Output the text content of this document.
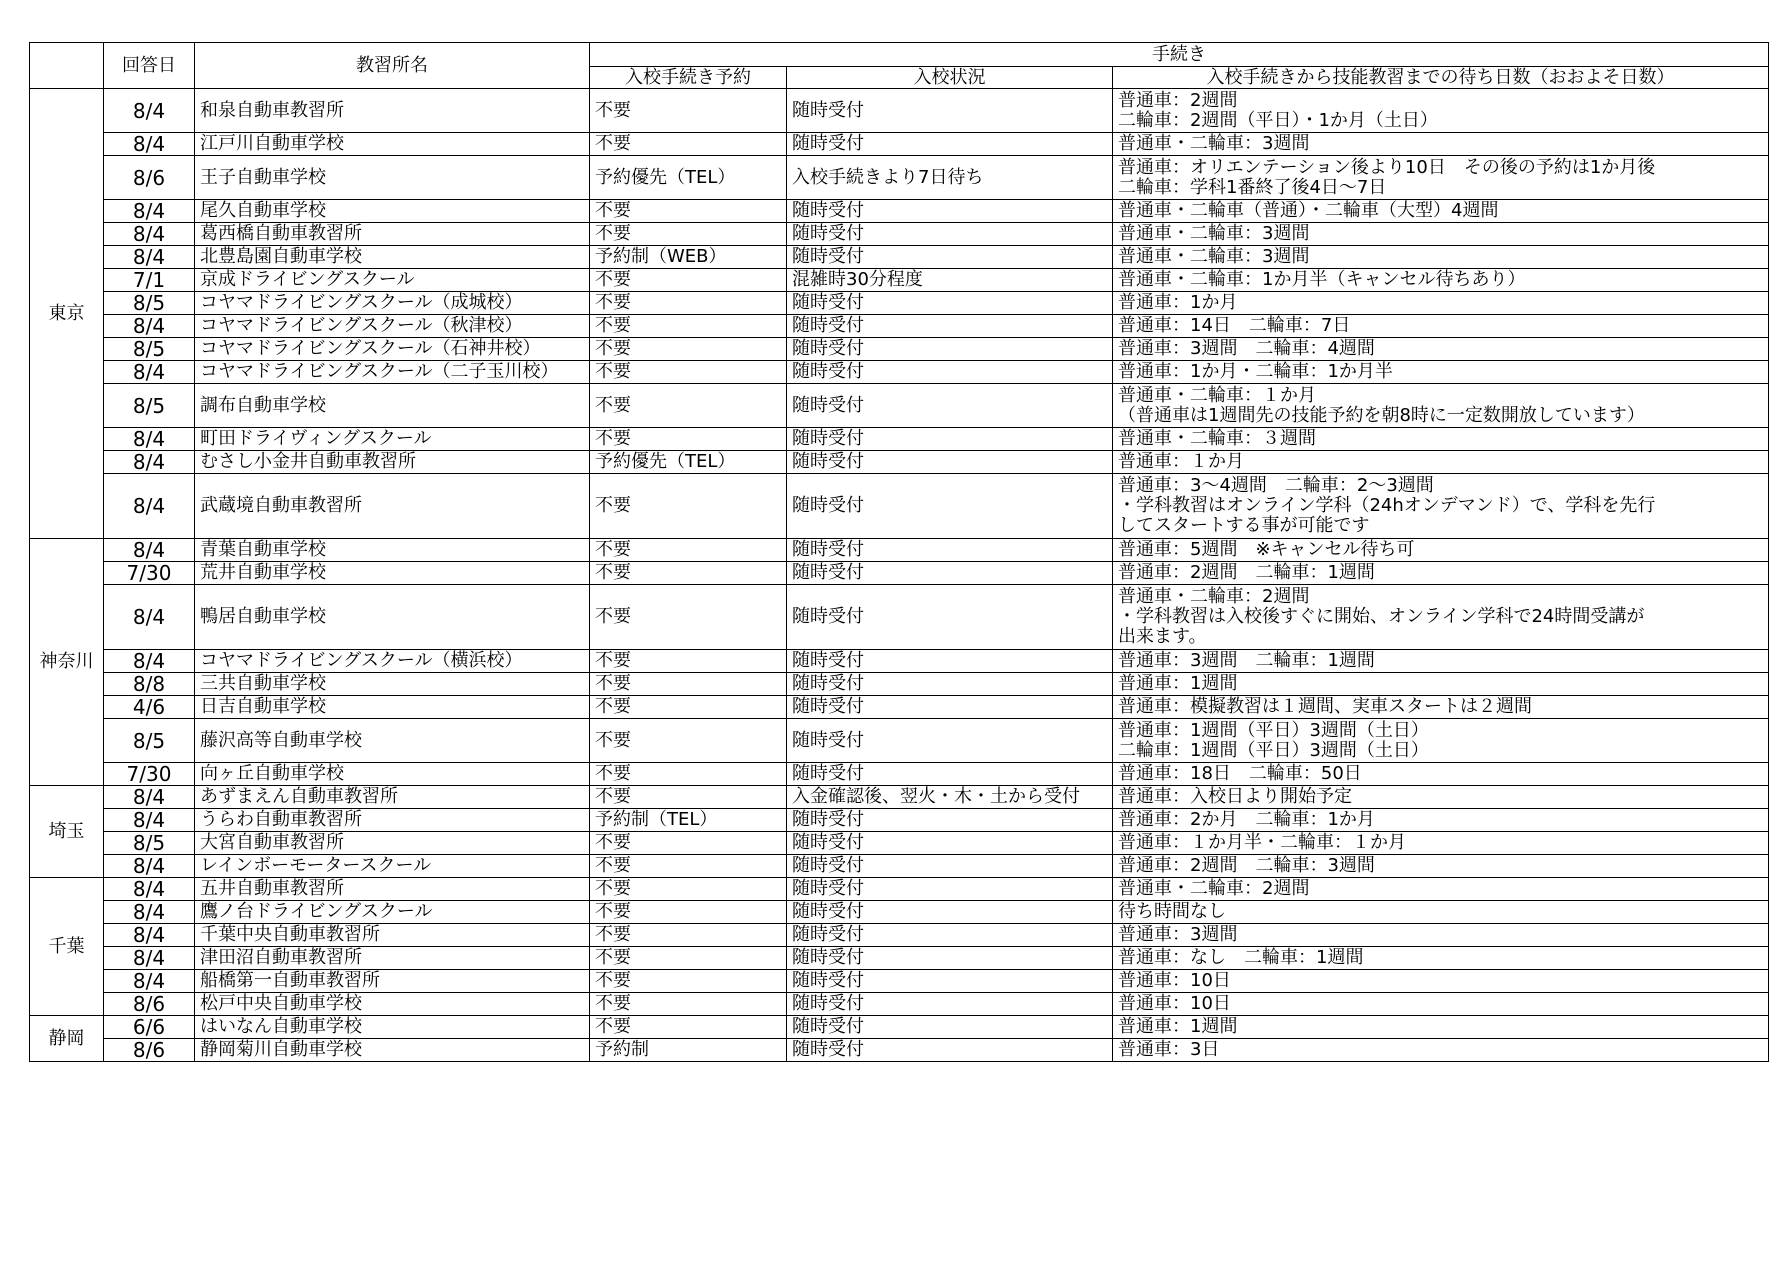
	回答日	教習所名	手続き		
			入校手続き予約	入校状況	入校手続きから技能教習までの待ち日数（おおよそ日数）
東京	8/4	和泉自動車教習所	不要	随時受付	普通車：2週間
二輪車：2週間（平日）・1か月（土日）
	8/4	江戸川自動車学校	不要	随時受付	普通車・二輪車：3週間
	8/6	王子自動車学校	予約優先（TEL）	入校手続きより7日待ち	普通車：オリエンテーション後より10日　その後の予約は1か月後
二輪車：学科1番終了後4日～7日
	8/4	尾久自動車学校	不要	随時受付	普通車・二輪車（普通）・二輪車（大型）4週間
	8/4	葛西橋自動車教習所	不要	随時受付	普通車・二輪車：3週間
	8/4	北豊島園自動車学校	予約制（WEB）	随時受付	普通車・二輪車：3週間
	7/1	京成ドライビングスクール	不要	混雑時30分程度	普通車・二輪車：1か月半（キャンセル待ちあり）
	8/5	コヤマドライビングスクール（成城校）	不要	随時受付	普通車：1か月
	8/4	コヤマドライビングスクール（秋津校）	不要	随時受付	普通車：14日　二輪車：7日
	8/5	コヤマドライビングスクール（石神井校）	不要	随時受付	普通車：3週間　二輪車：4週間
	8/4	コヤマドライビングスクール（二子玉川校）	不要	随時受付	普通車：1か月・二輪車：1か月半
	8/5	調布自動車学校	不要	随時受付	普通車・二輪車：１か月
（普通車は1週間先の技能予約を朝8時に一定数開放しています）
	8/4	町田ドライヴィングスクール	不要	随時受付	普通車・二輪車：３週間
	8/4	むさし小金井自動車教習所	予約優先（TEL）	随時受付	普通車：１か月
	8/4	武蔵境自動車教習所	不要	随時受付	普通車：3～4週間　二輪車：2～3週間
・学科教習はオンライン学科（24hオンデマンド）で、学科を先行
してスタートする事が可能です
神奈川	8/4	青葉自動車学校	不要	随時受付	普通車：5週間　※キャンセル待ち可
	7/30	荒井自動車学校	不要	随時受付	普通車：2週間　二輪車：1週間
	8/4	鴨居自動車学校	不要	随時受付	普通車・二輪車：2週間
・学科教習は入校後すぐに開始、オンライン学科で24時間受講が
出来ます。
	8/4	コヤマドライビングスクール（横浜校）	不要	随時受付	普通車：3週間　二輪車：1週間
	8/8	三共自動車学校	不要	随時受付	普通車：1週間
	4/6	日吉自動車学校	不要	随時受付	普通車：模擬教習は１週間、実車スタートは２週間
	8/5	藤沢高等自動車学校	不要	随時受付	普通車：1週間（平日）3週間（土日）
二輪車：1週間（平日）3週間（土日）
	7/30	向ヶ丘自動車学校	不要	随時受付	普通車：18日　二輪車：50日
埼玉	8/4	あずまえん自動車教習所	不要	入金確認後、翌火・木・土から受付	普通車：入校日より開始予定
	8/4	うらわ自動車教習所	予約制（TEL）	随時受付	普通車：2か月　二輪車：1か月
	8/5	大宮自動車教習所	不要	随時受付	普通車：１か月半・二輪車：１か月
	8/4	レインボーモータースクール	不要	随時受付	普通車：2週間　二輪車：3週間
千葉	8/4	五井自動車教習所	不要	随時受付	普通車・二輪車：2週間
	8/4	鷹ノ台ドライビングスクール	不要	随時受付	待ち時間なし
	8/4	千葉中央自動車教習所	不要	随時受付	普通車：3週間
	8/4	津田沼自動車教習所	不要	随時受付	普通車：なし　二輪車：1週間
	8/4	船橋第一自動車教習所	不要	随時受付	普通車：10日
	8/6	松戸中央自動車学校	不要	随時受付	普通車：10日
静岡	6/6	はいなん自動車学校	不要	随時受付	普通車：1週間
	8/6	静岡菊川自動車学校	予約制	随時受付	普通車：3日
